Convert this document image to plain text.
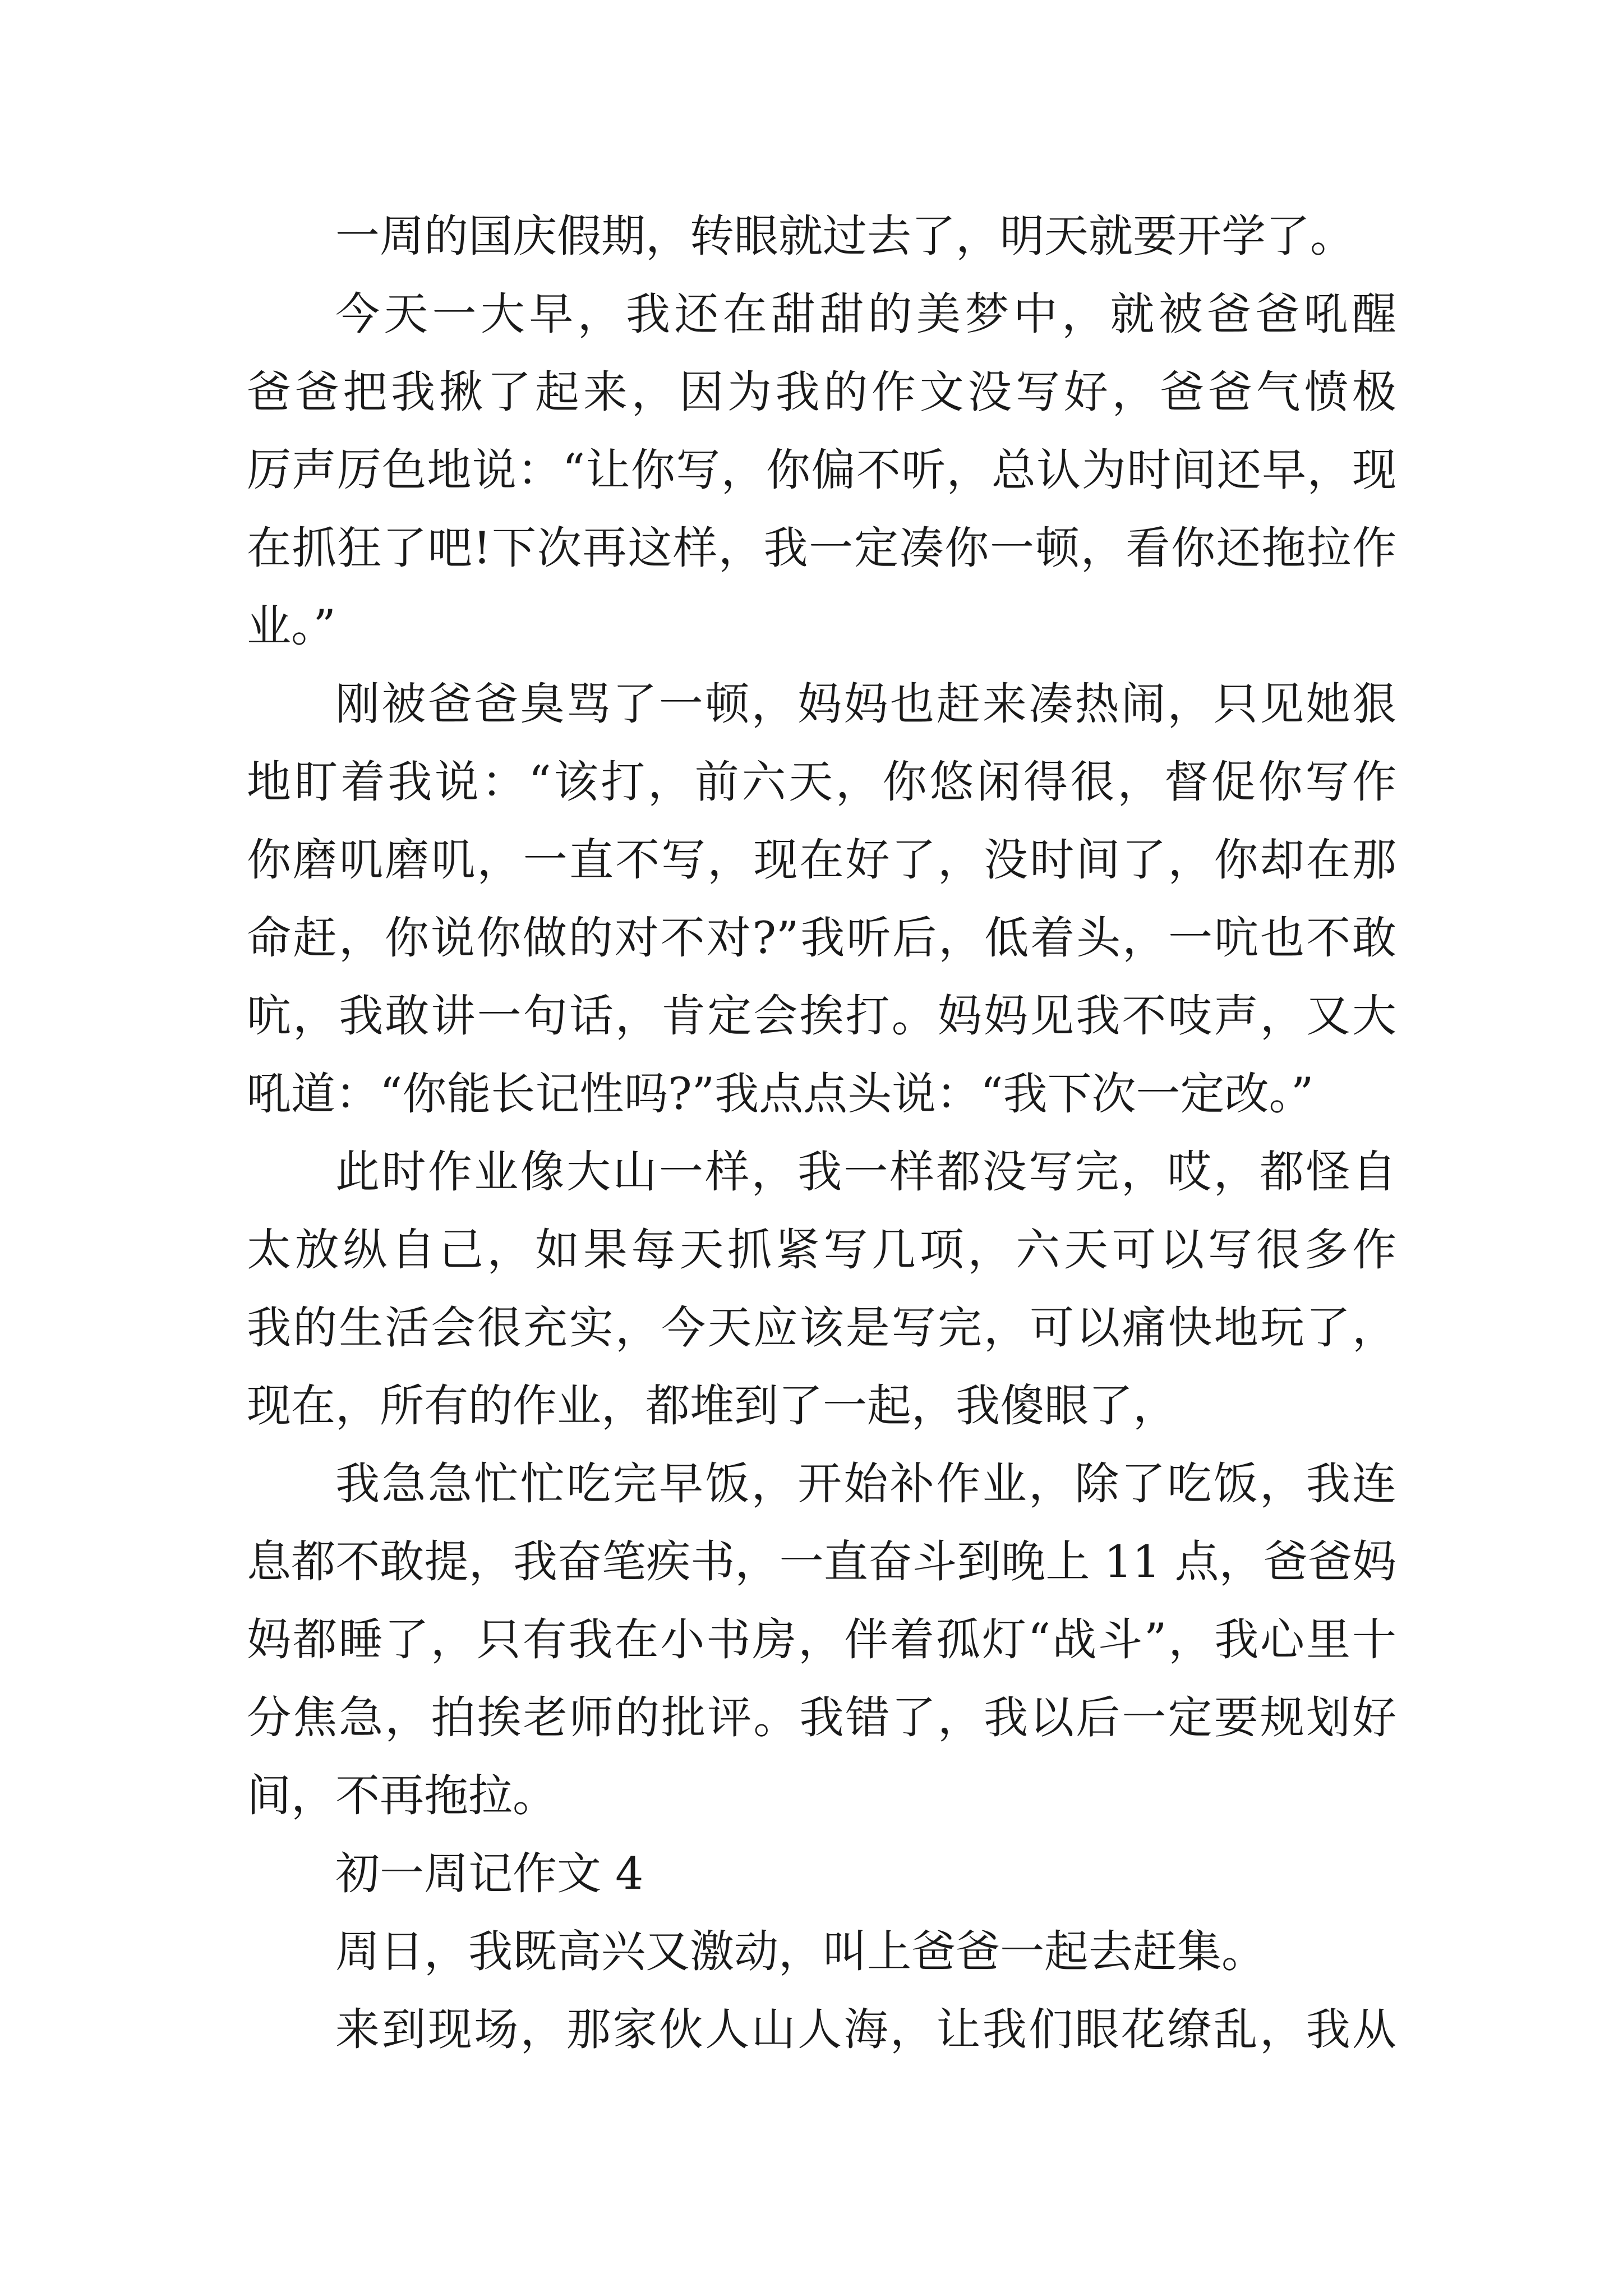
一周的国庆假期，转眼就过去了，明天就要开学了。
今天一大早，我还在甜甜的美梦中，就被爸爸吼醒
爸爸把我揪了起来，因为我的作文没写好，爸爸气愤极
厉声厉色地说：“让你写，你偏不听，总认为时间还早，现
在抓狂了吧!下次再这样，我一定凑你一顿，看你还拖拉作
业。”
刚被爸爸臭骂了一顿，妈妈也赶来凑热闹，只见她狠
地盯着我说：“该打，前六天，你悠闲得很，督促你写作
你磨叽磨叽，一直不写，现在好了，没时间了，你却在那
命赶，你说你做的对不对?”我听后，低着头，一吭也不敢
吭，我敢讲一句话，肯定会挨打。妈妈见我不吱声，又大
吼道：“你能长记性吗?”我点点头说：“我下次一定改。”
此时作业像大山一样，我一样都没写完，哎，都怪自
太放纵自己，如果每天抓紧写几项，六天可以写很多作
我的生活会很充实，今天应该是写完，可以痛快地玩了，
现在，所有的作业，都堆到了一起，我傻眼了，
我急急忙忙吃完早饭，开始补作业，除了吃饭，我连
息都不敢提，我奋笔疾书，一直奋斗到晚上 11 点，爸爸妈
妈都睡了，只有我在小书房，伴着孤灯“战斗”，我心里十
分焦急，拍挨老师的批评。我错了，我以后一定要规划好
间，不再拖拉。
初一周记作文 4
周日，我既高兴又激动，叫上爸爸一起去赶集。
来到现场，那家伙人山人海，让我们眼花缭乱，我从
